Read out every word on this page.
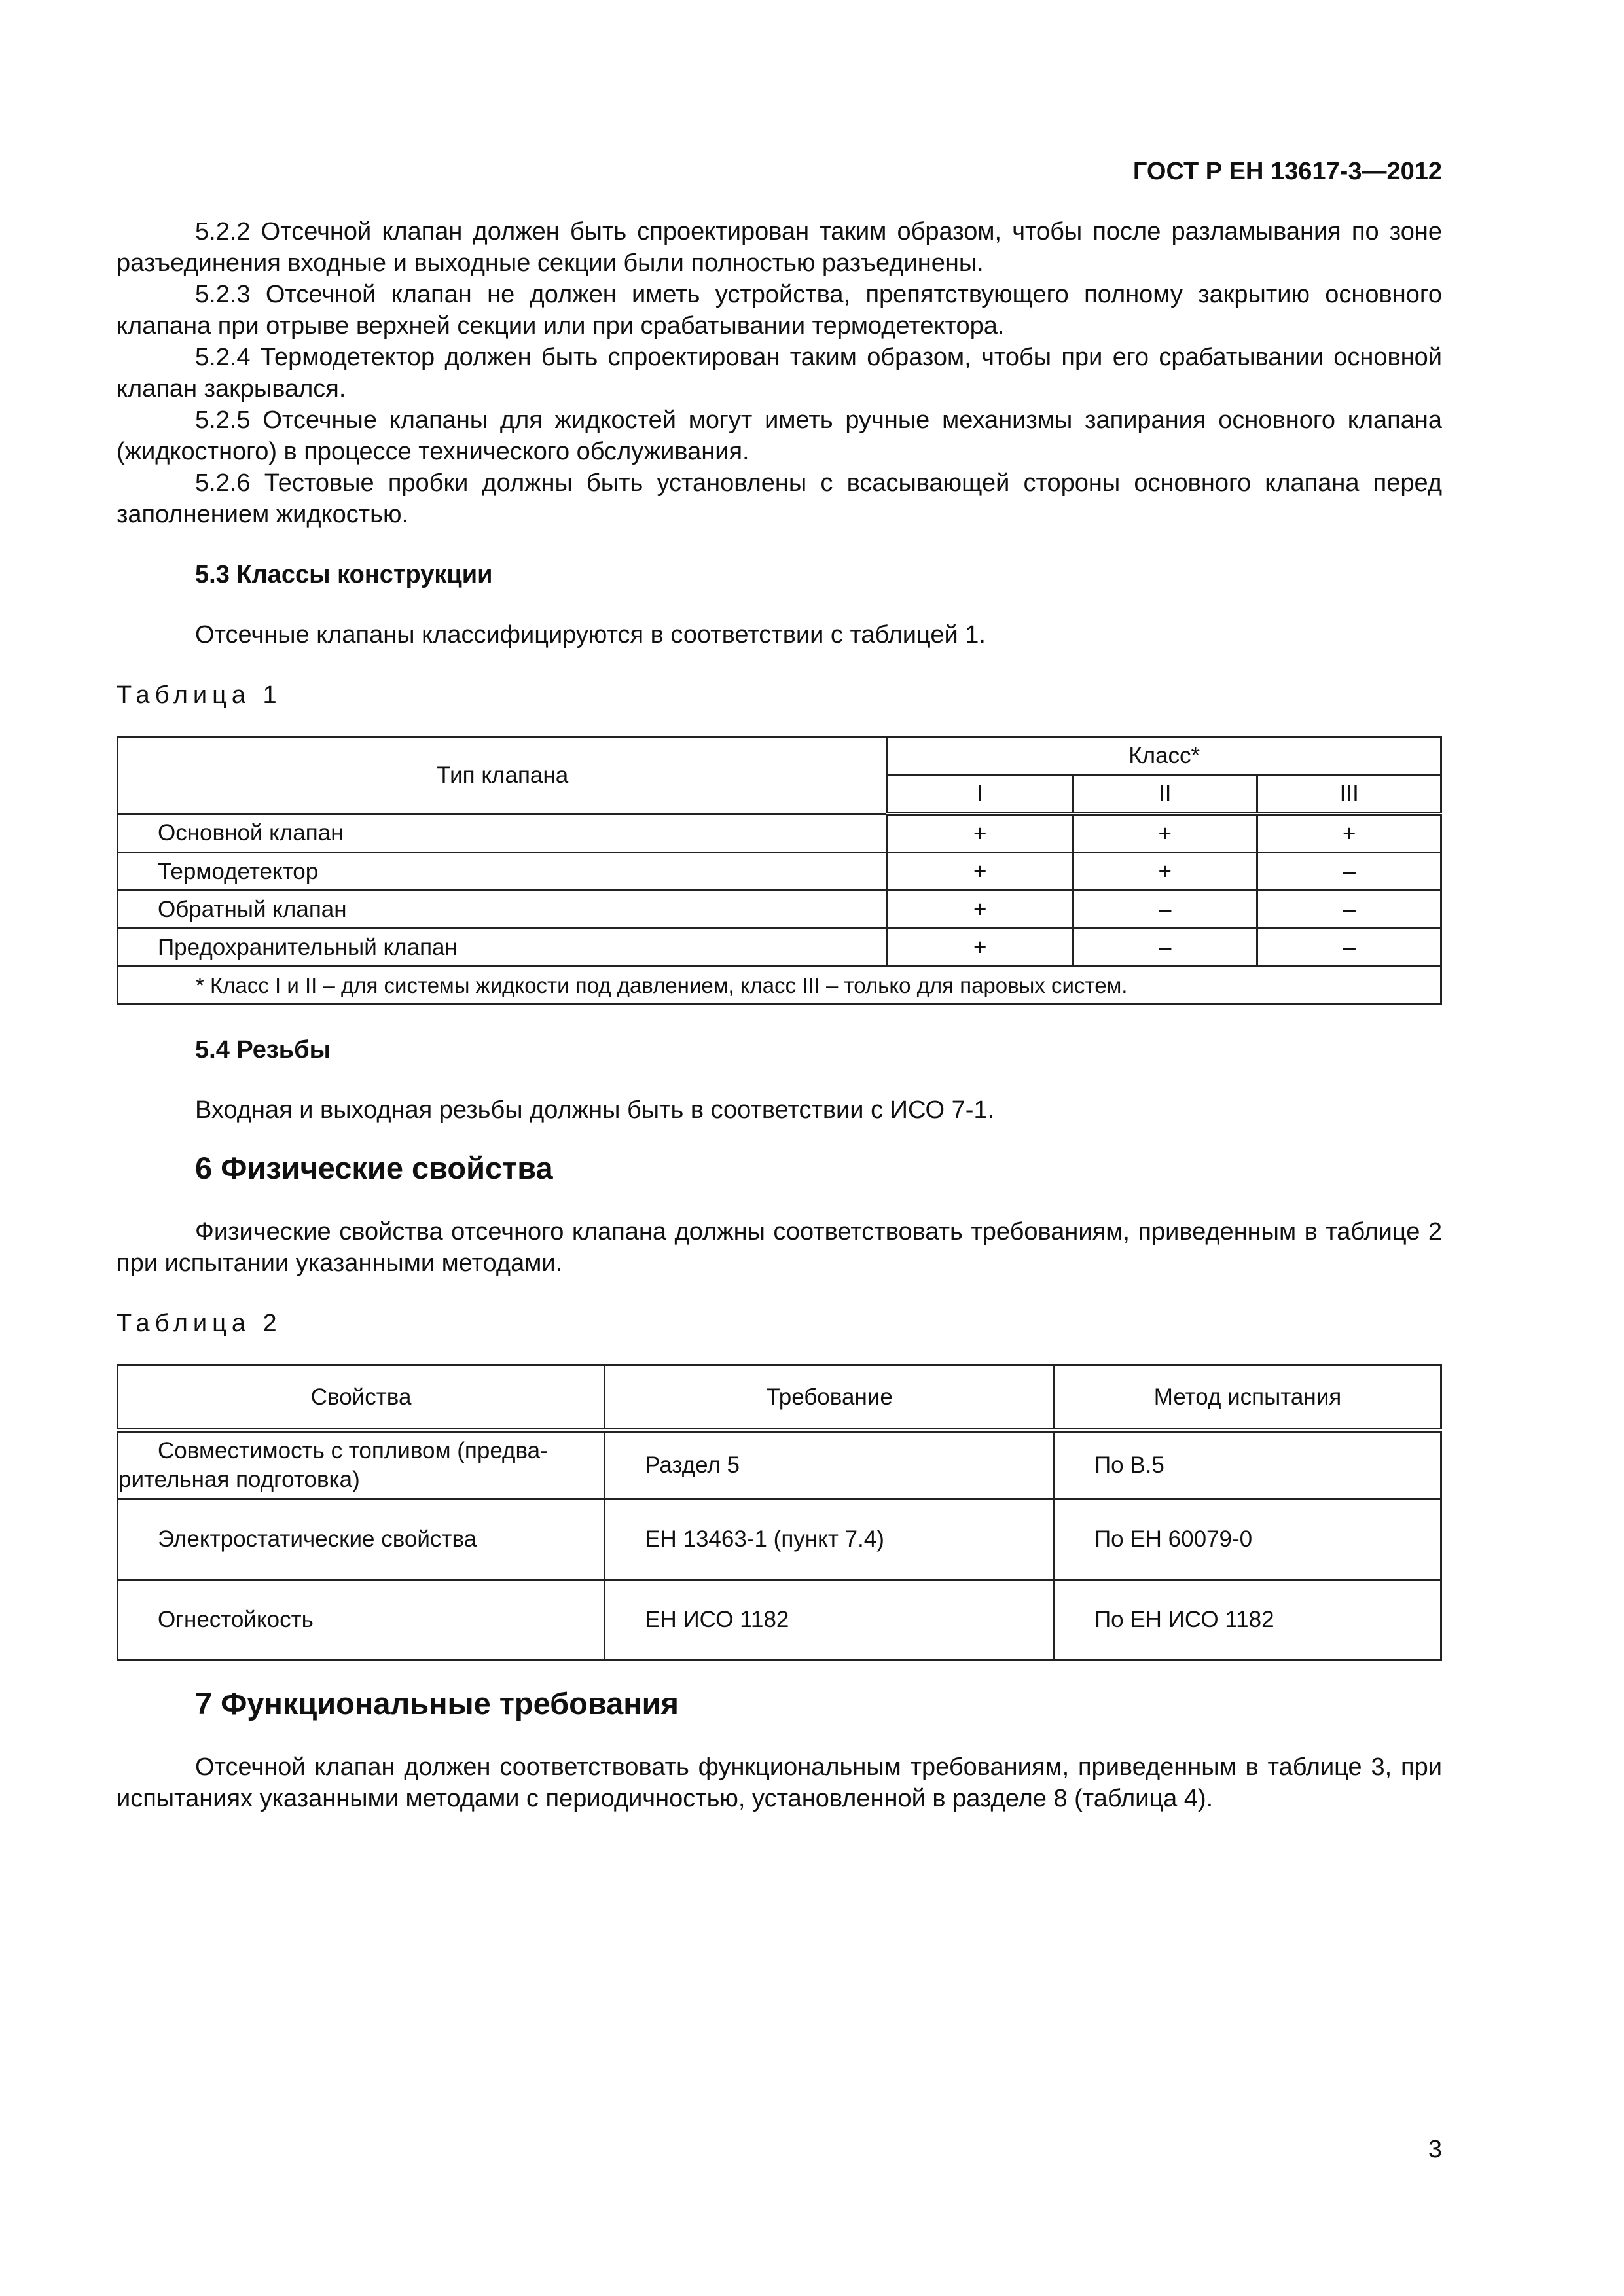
ГОСТ Р ЕН 13617-3—2012

5.2.2 Отсечной клапан должен быть спроектирован таким образом, чтобы после разламывания по зоне разъединения входные и выходные секции были полностью разъединены.

5.2.3 Отсечной клапан не должен иметь устройства, препятствующего полному закрытию основного клапана при отрыве верхней секции или при срабатывании термодетектора.

5.2.4 Термодетектор должен быть спроектирован таким образом, чтобы при его срабатывании основной клапан закрывался.

5.2.5 Отсечные клапаны для жидкостей могут иметь ручные механизмы запирания основного клапана (жидкостного) в процессе технического обслуживания.

5.2.6 Тестовые пробки должны быть установлены с всасывающей стороны основного клапана перед заполнением жидкостью.

5.3 Классы конструкции

Отсечные клапаны классифицируются в соответствии с таблицей 1.

Таблица 1

Тип клапана	Класс*		
	I	II	III
Основной клапан	+	+	+
Термодетектор	+	+	–
Обратный клапан	+	–	–
Предохранительный клапан	+	–	–
* Класс I и II – для системы жидкости под давлением, класс III – только для паровых систем.			

5.4 Резьбы

Входная и выходная резьбы должны быть в соответствии с ИСО 7-1.

6 Физические свойства

Физические свойства отсечного клапана должны соответствовать требованиям, приведенным в таблице 2 при испытании указанными методами.

Таблица 2

Свойства	Требование	Метод испытания

Совместимость с топливом (предва-
рительная подготовка)	Раздел 5	По В.5
Электростатические свойства	ЕН 13463-1 (пункт 7.4)	По ЕН 60079-0
Огнестойкость	ЕН ИСО 1182	По ЕН ИСО 1182

7 Функциональные требования

Отсечной клапан должен соответствовать функциональным требованиям, приведенным в таблице 3, при испытаниях указанными методами с периодичностью, установленной в разделе 8 (таблица 4).

3
